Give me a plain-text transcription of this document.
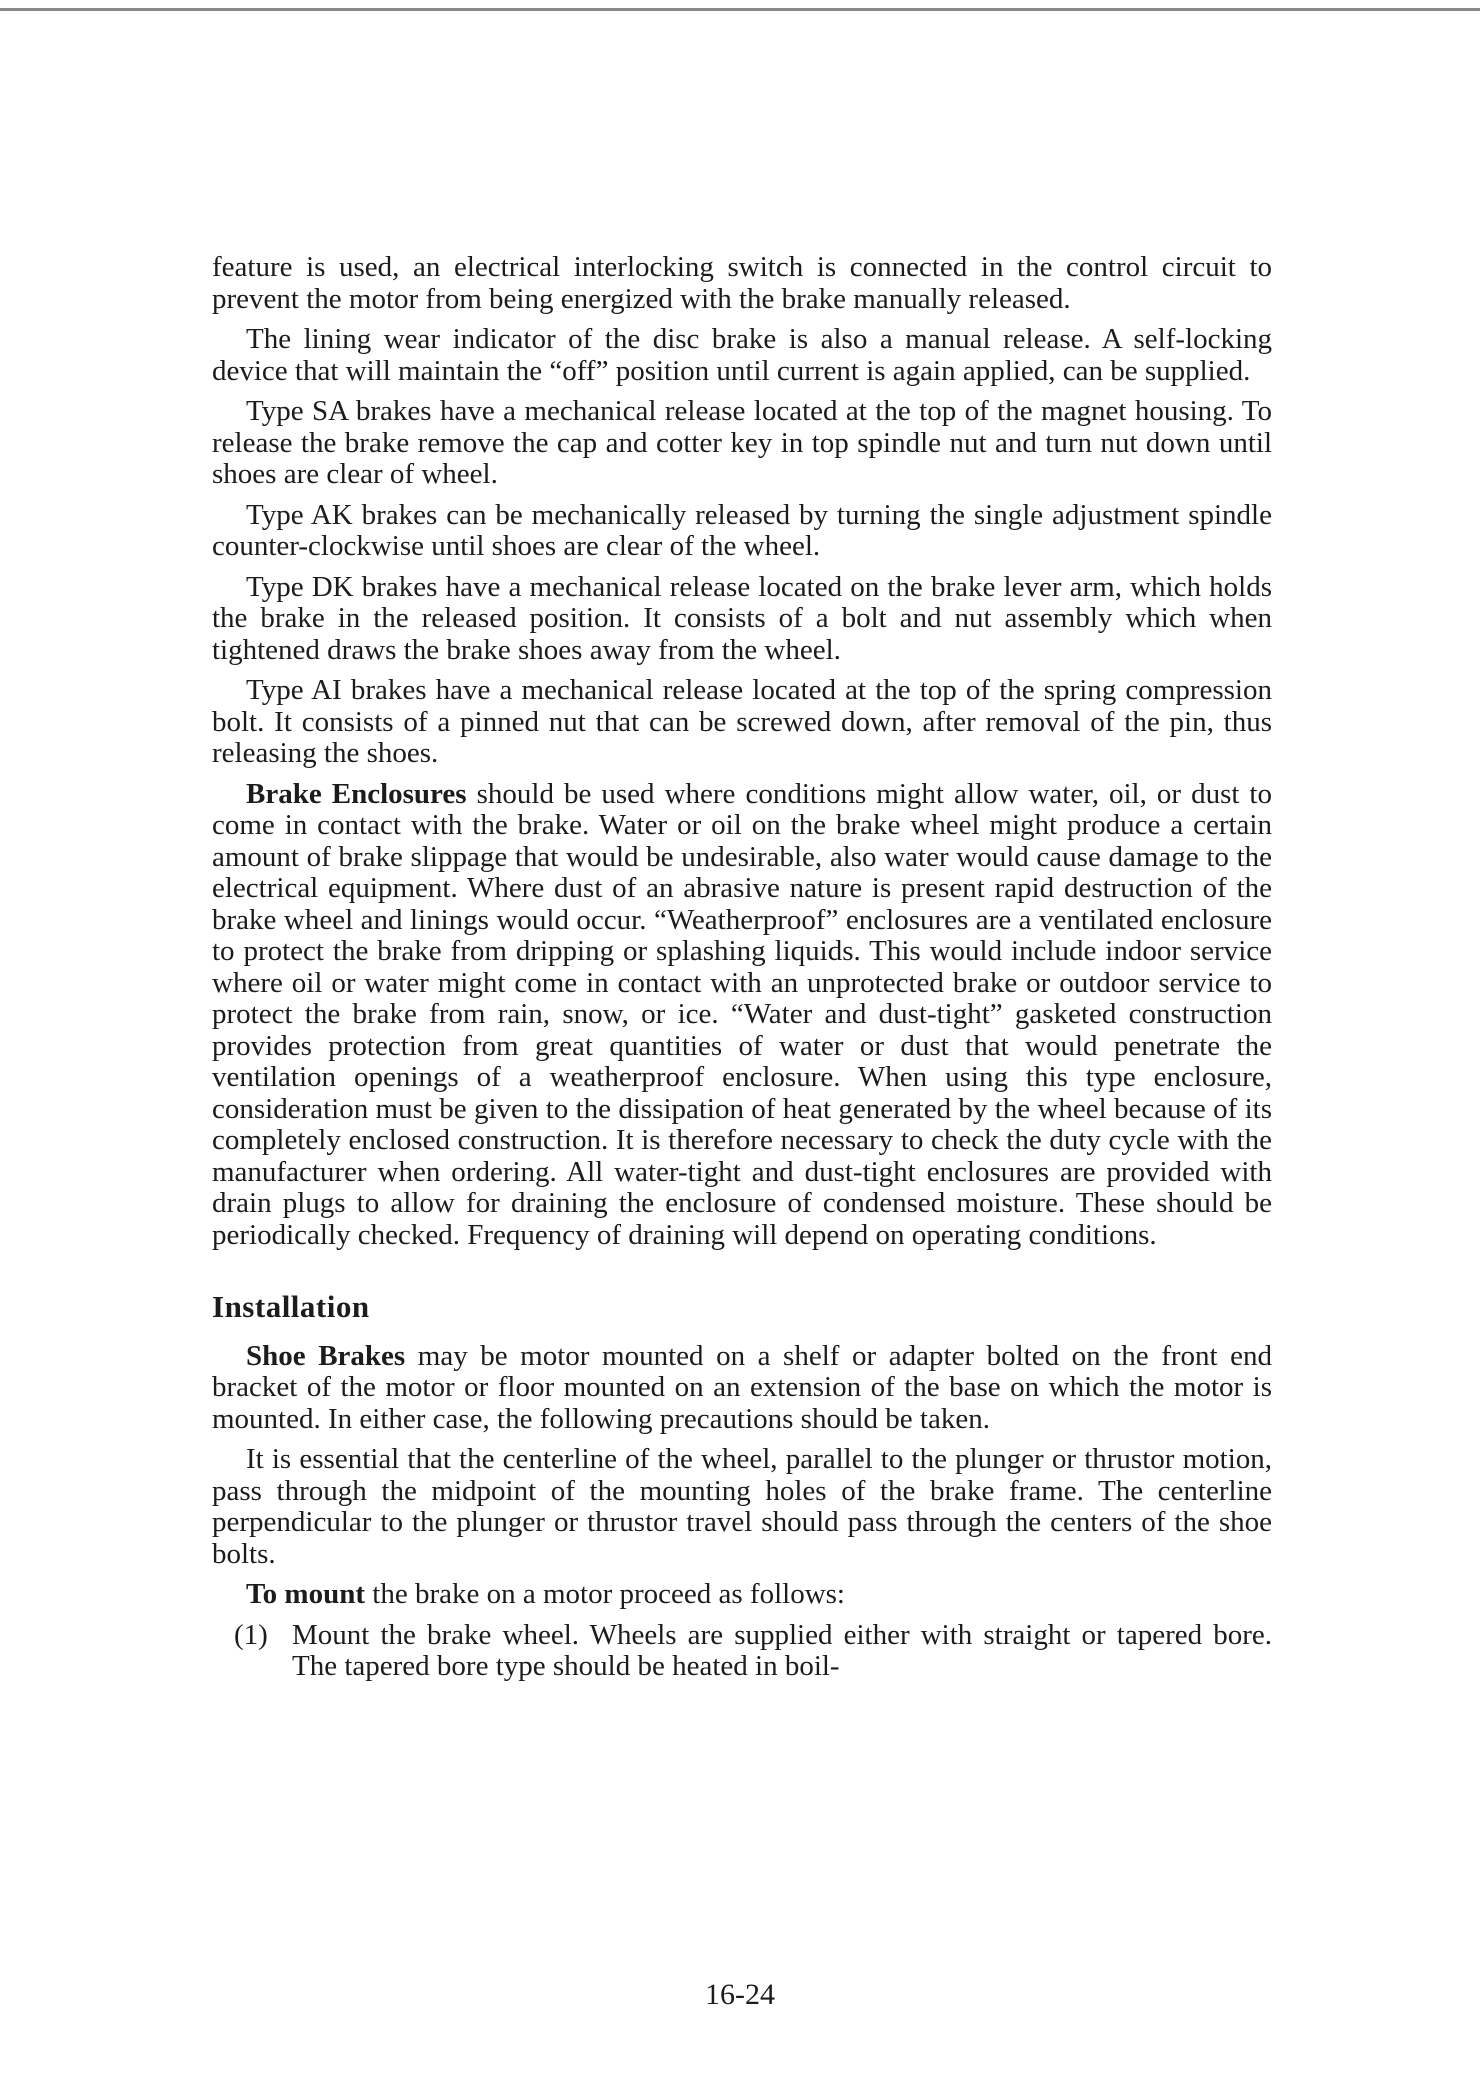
feature is used, an electrical interlocking switch is connected in the control circuit to prevent the motor from being energized with the brake manually released.

The lining wear indicator of the disc brake is also a manual release. A self-locking device that will maintain the “off” position until current is again applied, can be supplied.

Type SA brakes have a mechanical release located at the top of the magnet housing. To release the brake remove the cap and cotter key in top spindle nut and turn nut down until shoes are clear of wheel.

Type AK brakes can be mechanically released by turning the single adjustment spindle counter-clockwise until shoes are clear of the wheel.

Type DK brakes have a mechanical release located on the brake lever arm, which holds the brake in the released position. It consists of a bolt and nut assembly which when tightened draws the brake shoes away from the wheel.

Type AI brakes have a mechanical release located at the top of the spring compression bolt. It consists of a pinned nut that can be screwed down, after removal of the pin, thus releasing the shoes.

Brake Enclosures should be used where conditions might allow water, oil, or dust to come in contact with the brake. Water or oil on the brake wheel might produce a certain amount of brake slippage that would be undesirable, also water would cause damage to the electrical equipment. Where dust of an abrasive nature is present rapid destruction of the brake wheel and linings would occur. “Weatherproof” enclosures are a ventilated enclosure to protect the brake from dripping or splashing liquids. This would include indoor service where oil or water might come in contact with an unprotected brake or outdoor service to protect the brake from rain, snow, or ice. “Water and dust-tight” gasketed construction provides protection from great quantities of water or dust that would penetrate the ventilation openings of a weatherproof enclosure. When using this type enclosure, consideration must be given to the dissipation of heat generated by the wheel because of its completely enclosed construction. It is therefore necessary to check the duty cycle with the manufacturer when ordering. All water-tight and dust-tight enclosures are provided with drain plugs to allow for draining the enclosure of condensed moisture. These should be periodically checked. Frequency of draining will depend on operating conditions.

Installation

Shoe Brakes may be motor mounted on a shelf or adapter bolted on the front end bracket of the motor or floor mounted on an extension of the base on which the motor is mounted. In either case, the following precautions should be taken.

It is essential that the centerline of the wheel, parallel to the plunger or thrustor motion, pass through the midpoint of the mounting holes of the brake frame. The centerline perpendicular to the plunger or thrustor travel should pass through the centers of the shoe bolts.

To mount the brake on a motor proceed as follows:

(1) Mount the brake wheel. Wheels are supplied either with straight or tapered bore. The tapered bore type should be heated in boil-

16-24
